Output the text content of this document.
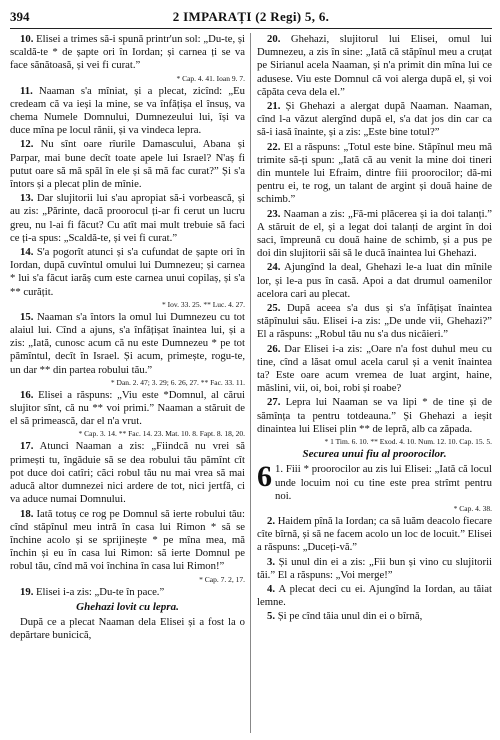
394	2 IMPARAȚI (2 Regi) 5, 6.

10. Elisei a trimes să-i spună printr'un sol: „Du-te, și scaldă-te * de șapte ori în Iordan; și carnea ți se va face sănătoasă, și vei fi curat.”

* Cap. 4. 41. Ioan 9. 7.

11. Naaman s'a mîniat, și a plecat, zicînd: „Eu credeam că va ieși la mine, se va înfățișa el însuș, va chema Numele Domnului, Dumnezeului lui, își va duce mîna pe locul rănii, și va vindeca lepra.

12. Nu sînt oare rîurile Damascului, Abana și Parpar, mai bune decît toate apele lui Israel? N'aș fi putut oare să mă spăl în ele și să mă fac curat?” Și s'a întors și a plecat plin de mînie.

13. Dar slujitorii lui s'au apropiat să-i vorbească, și au zis: „Părinte, dacă proorocul ți-ar fi cerut un lucru greu, nu l-ai fi făcut? Cu atît mai mult trebuie să faci ce ți-a spus: „Scaldă-te, și vei fi curat.”

14. S'a pogorît atunci și s'a cufundat de șapte ori în Iordan, după cuvîntul omului lui Dumnezeu; și carnea * lui s'a făcut iarăș cum este carnea unui copilaș, și s'a ** curățit.

* Iov. 33. 25. ** Luc. 4. 27.

15. Naaman s'a întors la omul lui Dumnezeu cu tot alaiul lui. Cînd a ajuns, s'a înfățișat înaintea lui, și a zis: „Iată, cunosc acum că nu este Dumnezeu * pe tot pămîntul, decît în Israel. Și acum, primește, rogu-te, un dar ** din partea robului tău.”

* Dan. 2. 47; 3. 29; 6. 26, 27. ** Fac. 33. 11.

16. Elisei a răspuns: „Viu este *Domnul, al cărui slujitor sînt, că nu ** voi primi.” Naaman a stăruit de el să primească, dar el n'a vrut.

* Cap. 3. 14. ** Fac. 14. 23. Mat. 10. 8. Fapt. 8. 18, 20.

17. Atunci Naaman a zis: „Fiindcă nu vrei să primești tu, îngăduie să se dea robului tău pămînt cît pot duce doi catîri; căci robul tău nu mai vrea să mai aducă altor dumnezei nici ardere de tot, nici jertfă, ci va aduce numai Domnului.

18. Iată totuș ce rog pe Domnul să ierte robului tău: cînd stăpînul meu intră în casa lui Rimon * să se închine acolo și se sprijinește * pe mîna mea, mă închin și eu în casa lui Rimon: să ierte Domnul pe robul tău, cînd mă voi închina în casa lui Rimon!”

* Cap. 7. 2, 17.

19. Elisei i-a zis: „Du-te în pace.”

Ghehazi lovit cu lepra.

După ce a plecat Naaman dela Elisei și a fost la o depărtare bunicică,

20. Ghehazi, slujitorul lui Elisei, omul lui Dumnezeu, a zis în sine: „Iată că stăpînul meu a cruțat pe Sirianul acela Naaman, și n'a primit din mîna lui ce adusese. Viu este Domnul că voi alerga după el, și voi căpăta ceva dela el.”

21. Și Ghehazi a alergat după Naaman. Naaman, cînd l-a văzut alergînd după el, s'a dat jos din car ca să-i iasă înainte, și a zis: „Este bine totul?”

22. El a răspuns: „Totul este bine. Stăpînul meu mă trimite să-ți spun: „Iată că au venit la mine doi tineri din muntele lui Efraim, dintre fiii proorocilor; dă-mi pentru ei, te rog, un talant de argint și două haine de schimb.”

23. Naaman a zis: „Fă-mi plăcerea și ia doi talanți.” A stăruit de el, și a legat doi talanți de argint în doi saci, împreună cu două haine de schimb, și a pus pe doi din slujitorii săi să le ducă înaintea lui Ghehazi.

24. Ajungînd la deal, Ghehazi le-a luat din mînile lor, și le-a pus în casă. Apoi a dat drumul oamenilor acelora cari au plecat.

25. După aceea s'a dus și s'a înfățișat înaintea stăpînului său. Elisei i-a zis: „De unde vii, Ghehazi?” El a răspuns: „Robul tău nu s'a dus nicăieri.”

26. Dar Elisei i-a zis: „Oare n'a fost duhul meu cu tine, cînd a lăsat omul acela carul și a venit înaintea ta? Este oare acum vremea de luat argint, haine, măslini, vii, oi, boi, robi și roabe?

27. Lepra lui Naaman se va lipi * de tine și de sămînța ta pentru totdeauna.” Și Ghehazi a ieșit dinaintea lui Elisei plin ** de lepră, alb ca zăpada.

* 1 Tim. 6. 10. ** Exod. 4. 10. Num. 12. 10. Cap. 15. 5.
Securea unui fiu al proorocilor.
6 1. Fiii * proorocilor au zis lui Elisei: „Iată că locul unde locuim noi cu tine este prea strîmt pentru noi.

* Cap. 4. 38.

2. Haidem pînă la Iordan; ca să luăm deacolo fiecare cîte bîrnă, și să ne facem acolo un loc de locuit.” Elisei a răspuns: „Duceți-vă.”

3. Și unul din ei a zis: „Fii bun și vino cu slujitorii tăi.” El a răspuns: „Voi merge!”

4. A plecat deci cu ei. Ajungînd la Iordan, au tăiat lemne.

5. Și pe cînd tăia unul din ei o bîrnă,
